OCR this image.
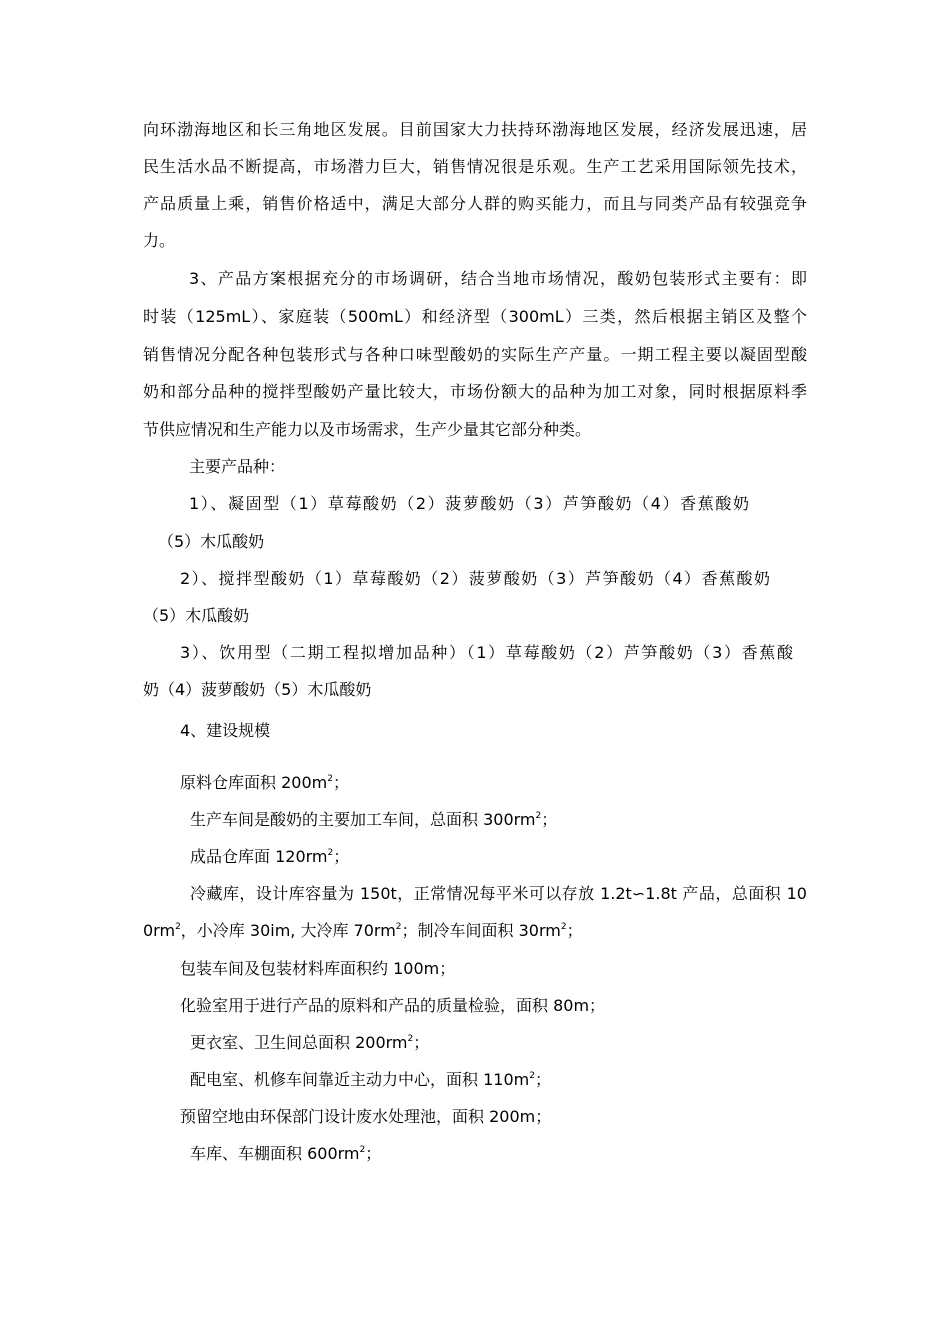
向环渤海地区和长三角地区发展。目前国家大力扶持环渤海地区发展，经济发展迅速，居
民生活水品不断提高，市场潜力巨大，销售情况很是乐观。生产工艺采用国际领先技术，
产品质量上乘，销售价格适中，满足大部分人群的购买能力，而且与同类产品有较强竞争
力。
3、产品方案根据充分的市场调研，结合当地市场情况，酸奶包装形式主要有：即
时装（125mL）、家庭装（500mL）和经济型（300mL）三类，然后根据主销区及整个
销售情况分配各种包装形式与各种口味型酸奶的实际生产产量。一期工程主要以凝固型酸
奶和部分品种的搅拌型酸奶产量比较大，市场份额大的品种为加工对象，同时根据原料季
节供应情况和生产能力以及市场需求，生产少量其它部分种类。
主要产品种：
1）、凝固型（1）草莓酸奶（2）菠萝酸奶（3）芦笋酸奶（4）香蕉酸奶
（5）木瓜酸奶
2）、搅拌型酸奶（1）草莓酸奶（2）菠萝酸奶（3）芦笋酸奶（4）香蕉酸奶
（5）木瓜酸奶
3）、饮用型（二期工程拟增加品种）（1）草莓酸奶（2）芦笋酸奶（3）香蕉酸
奶（4）菠萝酸奶（5）木瓜酸奶
4、建设规模
原料仓库面积 $200m^2$；
生产车间是酸奶的主要加工车间，总面积 $300rm^2$；
成品仓库面 $120rm^2$；
冷藏库，设计库容量为 150t，正常情况每平米可以存放 1.2t∽1.8t 产品，总面积 10
$0rm^2$，小冷库 30im, 大冷库 $70rm^2$；制冷车间面积 $30rm^2$；
包装车间及包装材料库面积约 100m；
化验室用于进行产品的原料和产品的质量检验，面积 80m；
更衣室、卫生间总面积 $200rm^2$；
配电室、机修车间靠近主动力中心，面积 $110m^2$；
预留空地由环保部门设计废水处理池，面积 200m；
车库、车棚面积 $600rm^2$；
